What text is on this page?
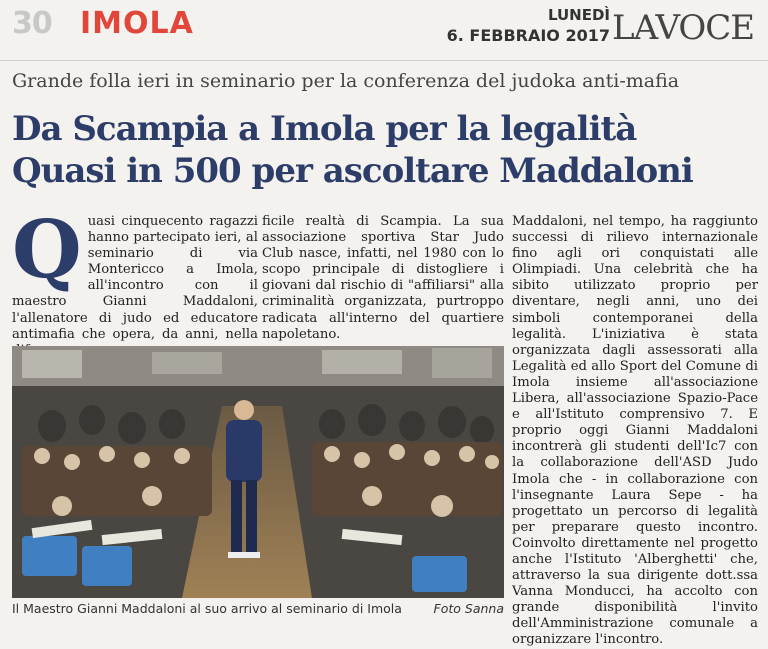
30 IMOLA	LUNEDÌ
6. FEBBRAIO 2017 LAVOCE
Grande folla ieri in seminario per la conferenza del judoka anti-mafia
Da Scampia a Imola per la legalità
Quasi in 500 per ascoltare Maddaloni
Quasi cinquecento ragazzi hanno partecipato ieri, al seminario di via Montericco a Imola, all'incontro con il maestro Gianni Maddaloni, l'allenatore di judo ed educatore antimafia che opera, da anni, nella
ficile realtà di Scampia. La sua associazione sportiva Star Judo Club nasce, infatti, nel 1980 con lo scopo principale di distogliere i giovani dal rischio di "affiliarsi" alla criminalità organizzata, purtroppo radicata all'interno del quartiere napoletano.
Maddaloni, nel tempo, ha raggiunto successi di rilievo internazionale fino agli ori conquistati alle Olimpiadi. Una celebrità che ha sibito utilizzato proprio per diventare, negli anni, uno dei simboli contemporanei della legalità. L'iniziativa è stata organizzata dagli assessorati alla Legalità ed allo Sport del Comune di Imola insieme all'associazione Libera, all'associazione Spazio-Pace e all'Istituto comprensivo 7. E proprio oggi Gianni Maddaloni incontrerà gli studenti dell'Ic7 con la collaborazione dell'ASD Judo Imola che - in collaborazione con l'insegnante Laura Sepe - ha progettato un percorso di legalità per preparare questo incontro. Coinvolto direttamente nel progetto anche l'Istituto 'Alberghetti' che, attraverso la sua dirigente dott.ssa Vanna Monducci, ha accolto con grande disponibilità l'invito dell'Amministrazione comunale a organizzare l'incontro.
Il Maestro Gianni Maddaloni al suo arrivo al seminario di Imola	Foto Sanna
